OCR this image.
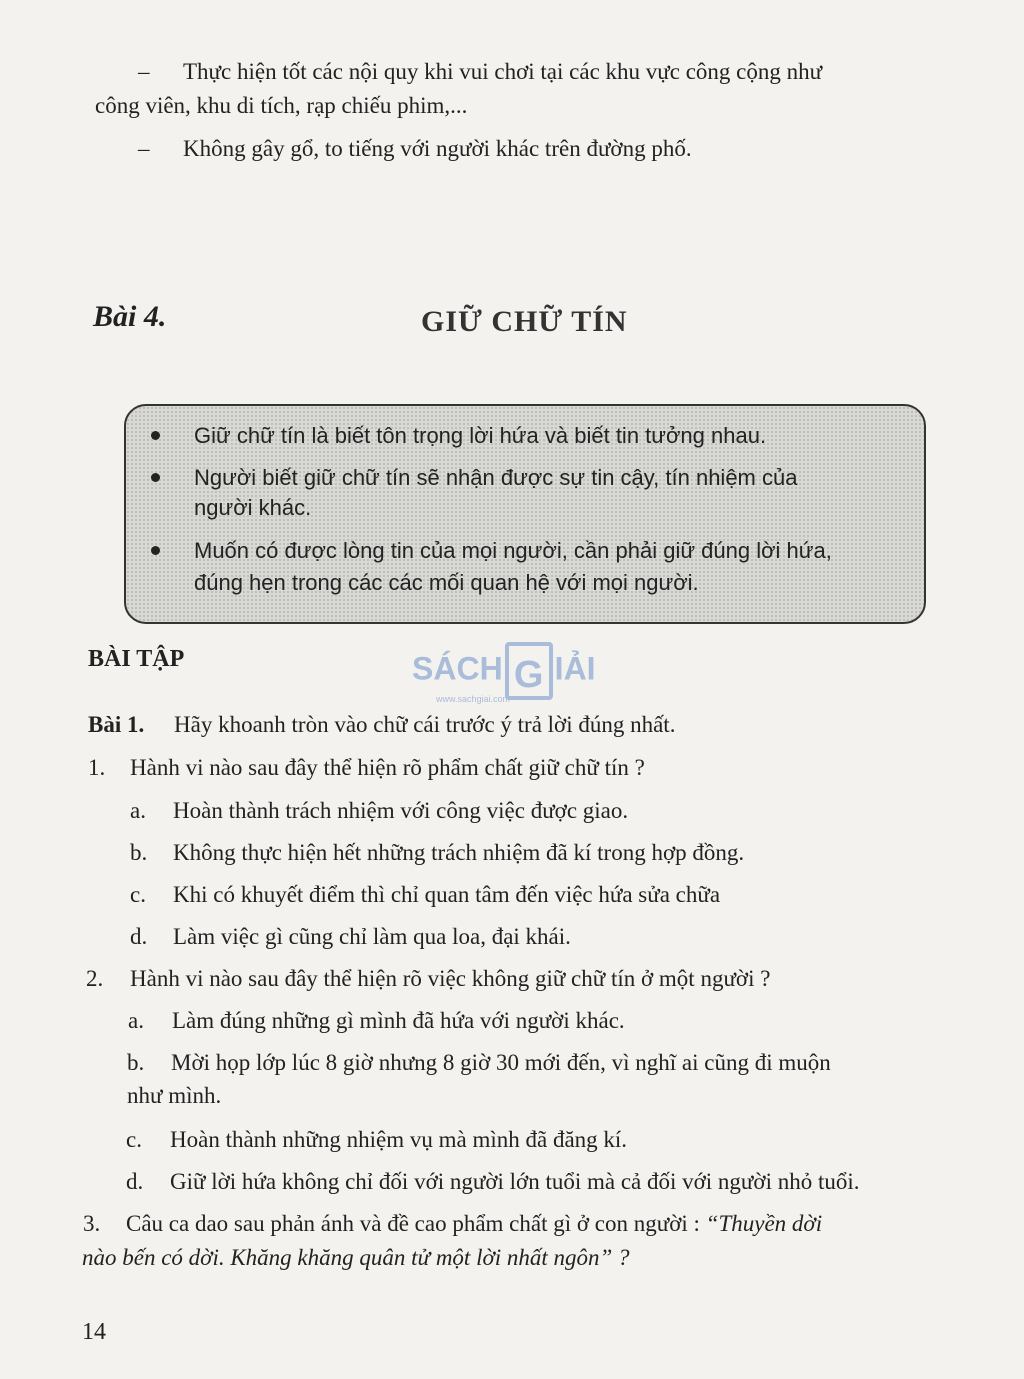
– Thực hiện tốt các nội quy khi vui chơi tại các khu vực công cộng như
công viên, khu di tích, rạp chiếu phim,...
– Không gây gổ, to tiếng với người khác trên đường phố.
Bài 4.	GIỮ CHỮ TÍN
Giữ chữ tín là biết tôn trọng lời hứa và biết tin tưởng nhau.
Người biết giữ chữ tín sẽ nhận được sự tin cậy, tín nhiệm của
người khác.
Muốn có được lòng tin của mọi người, cần phải giữ đúng lời hứa,
đúng hẹn trong các các mối quan hệ với mọi người.
BÀI TẬP	SÁCH G IẢI
www.sachgiai.com
Bài 1. Hãy khoanh tròn vào chữ cái trước ý trả lời đúng nhất.
1. Hành vi nào sau đây thể hiện rõ phẩm chất giữ chữ tín ?
a. Hoàn thành trách nhiệm với công việc được giao.
b. Không thực hiện hết những trách nhiệm đã kí trong hợp đồng.
c. Khi có khuyết điểm thì chỉ quan tâm đến việc hứa sửa chữa
d. Làm việc gì cũng chỉ làm qua loa, đại khái.
2. Hành vi nào sau đây thể hiện rõ việc không giữ chữ tín ở một người ?
a. Làm đúng những gì mình đã hứa với người khác.
b. Mời họp lớp lúc 8 giờ nhưng 8 giờ 30 mới đến, vì nghĩ ai cũng đi muộn
như mình.
c. Hoàn thành những nhiệm vụ mà mình đã đăng kí.
d. Giữ lời hứa không chỉ đối với người lớn tuổi mà cả đối với người nhỏ tuổi.
3. Câu ca dao sau phản ánh và đề cao phẩm chất gì ở con người : “Thuyền dời
nào bến có dời. Khăng khăng quân tử một lời nhất ngôn” ?
14
